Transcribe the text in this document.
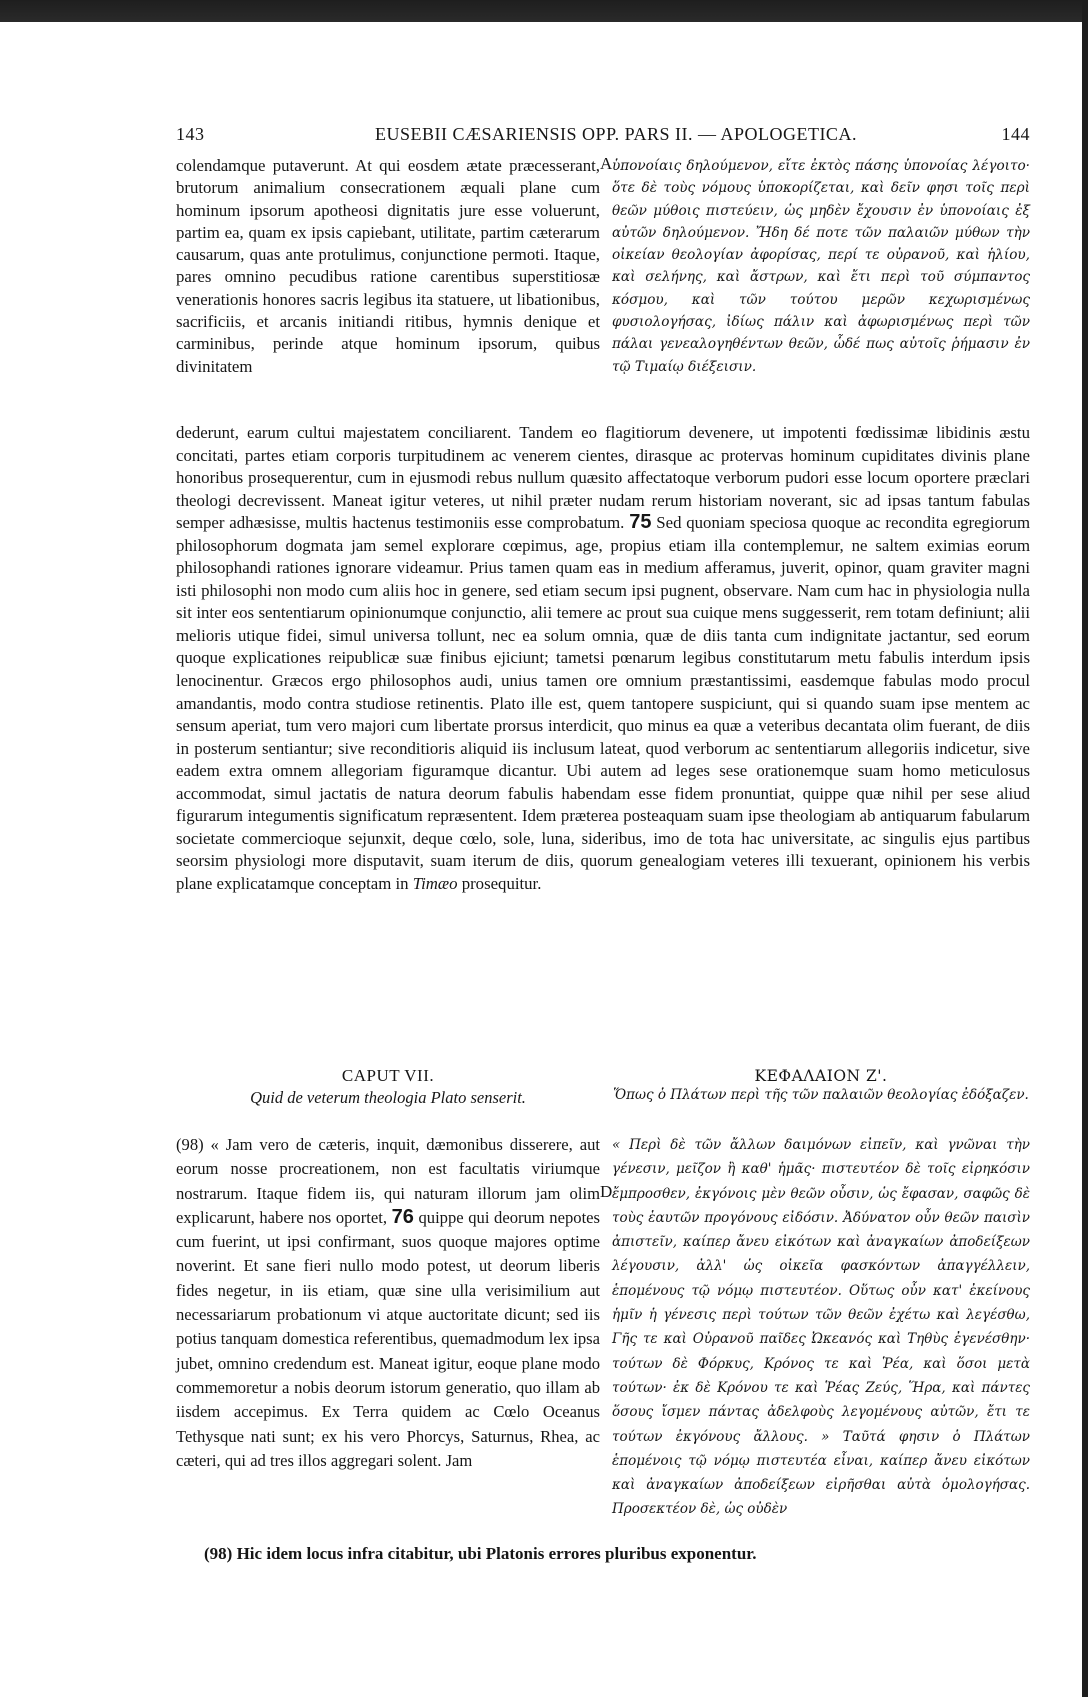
143	EUSEBII CÆSARIENSIS OPP. PARS II. — APOLOGETICA.	144

colendamque putaverunt. At qui eosdem ætate præcesserant, brutorum animalium consecrationem æquali plane cum hominum ipsorum apotheosi dignitatis jure esse voluerunt, partim ea, quam ex ipsis capiebant, utilitate, partim cæterarum causarum, quas ante protulimus, conjunctione permoti. Itaque, pares omnino pecudibus ratione carentibus superstitiosæ venerationis honores sacris legibus ita statuere, ut libationibus, sacrificiis, et arcanis initiandi ritibus, hymnis denique et carminibus, perinde atque hominum ipsorum, quibus divinitatem

A ὑπονοίαις δηλούμενον, εἴτε ἐκτὸς πάσης ὑπονοίας λέγοιτο· ὅτε δὲ τοὺς νόμους ὑποκορίζεται, καὶ δεῖν φησι τοῖς περὶ θεῶν μύθοις πιστεύειν, ὡς μηδὲν ἔχουσιν ἐν ὑπονοίαις ἐξ αὐτῶν δηλούμενον. Ἤδη δέ ποτε τῶν παλαιῶν μύθων τὴν οἰκείαν θεολογίαν ἀφορίσας, περί τε οὐρανοῦ, καὶ ἡλίου, καὶ σελήνης, καὶ ἄστρων, καὶ ἔτι περὶ τοῦ σύμπαντος κόσμου, καὶ τῶν τούτου μερῶν κεχωρισμένως φυσιολογήσας, ἰδίως πάλιν καὶ ἀφωρισμένως περὶ τῶν πάλαι γενεαλογηθέντων θεῶν, ὧδέ πως αὐτοῖς ῥήμασιν ἐν τῷ Τιμαίῳ διέξεισιν.

dederunt, earum cultui majestatem conciliarent. Tandem eo flagitiorum devenere, ut impotenti fœdissimæ libidinis æstu concitati, partes etiam corporis turpitudinem ac venerem cientes, dirasque ac protervas hominum cupiditates divinis plane honoribus prosequerentur, cum in ejusmodi rebus nullum quæsito affectatoque verborum pudori esse locum oportere præclari theologi decrevissent. Maneat igitur veteres, ut nihil præter nudam rerum historiam noverant, sic ad ipsas tantum fabulas semper adhæsisse, multis hactenus testimoniis esse comprobatum. 75 Sed quoniam speciosa quoque ac recondita egregiorum philosophorum dogmata jam semel explorare cœpimus, age, propius etiam illa contemplemur, ne saltem eximias eorum philosophandi rationes ignorare videamur. Prius tamen quam eas in medium afferamus, juverit, opinor, quam graviter magni isti philosophi non modo cum aliis hoc in genere, sed etiam secum ipsi pugnent, observare. Nam cum hac in physiologia nulla sit inter eos sententiarum opinionumque conjunctio, alii temere ac prout sua cuique mens suggesserit, rem totam definiunt; alii melioris utique fidei, simul universa tollunt, nec ea solum omnia, quæ de diis tanta cum indignitate jactantur, sed eorum quoque explicationes reipublicæ suæ finibus ejiciunt; tametsi pœnarum legibus constitutarum metu fabulis interdum ipsis lenocinentur. Græcos ergo philosophos audi, unius tamen ore omnium præstantissimi, easdemque fabulas modo procul amandantis, modo contra studiose retinentis. Plato ille est, quem tantopere suspiciunt, qui si quando suam ipse mentem ac sensum aperiat, tum vero majori cum libertate prorsus interdicit, quo minus ea quæ a veteribus decantata olim fuerant, de diis in posterum sentiantur; sive reconditioris aliquid iis inclusum lateat, quod verborum ac sententiarum allegoriis indicetur, sive eadem extra omnem allegoriam figuramque dicantur. Ubi autem ad leges sese orationemque suam homo meticulosus accommodat, simul jactatis de natura deorum fabulis habendam esse fidem pronuntiat, quippe quæ nihil per sese aliud figurarum integumentis significatum repræsentent. Idem præterea posteaquam suam ipse theologiam ab antiquarum fabularum societate commercioque sejunxit, deque cœlo, sole, luna, sideribus, imo de tota hac universitate, ac singulis ejus partibus seorsim physiologi more disputavit, suam iterum de diis, quorum genealogiam veteres illi texuerant, opinionem his verbis plane explicatamque conceptam in Timæo prosequitur.

CAPUT VII.
Quid de veterum theologia Plato senserit.
ΚΕΦΑΛΑΙΟΝ Ζ'.
Ὅπως ὁ Πλάτων περὶ τῆς τῶν παλαιῶν θεολογίας ἐδόξαζεν.

(98) « Jam vero de cæteris, inquit, dæmonibus disserere, aut eorum nosse procreationem, non est facultatis viriumque nostrarum. Itaque fidem iis, qui naturam illorum jam olim explicarunt, habere nos oportet, 76 quippe qui deorum nepotes cum fuerint, ut ipsi confirmant, suos quoque majores optime noverint. Et sane fieri nullo modo potest, ut deorum liberis fides negetur, in iis etiam, quæ sine ulla verisimilium aut necessariarum probationum vi atque auctoritate dicunt; sed iis potius tanquam domestica referentibus, quemadmodum lex ipsa jubet, omnino credendum est. Maneat igitur, eoque plane modo commemoretur a nobis deorum istorum generatio, quo illam ab iisdem accepimus. Ex Terra quidem ac Cœlo Oceanus Tethysque nati sunt; ex his vero Phorcys, Saturnus, Rhea, ac cæteri, qui ad tres illos aggregari solent. Jam

D

« Περὶ δὲ τῶν ἄλλων δαιμόνων εἰπεῖν, καὶ γνῶναι τὴν γένεσιν, μεῖζον ἢ καθ' ἡμᾶς· πιστευτέον δὲ τοῖς εἰρηκόσιν ἔμπροσθεν, ἐκγόνοις μὲν θεῶν οὖσιν, ὡς ἔφασαν, σαφῶς δὲ τοὺς ἑαυτῶν προγόνους εἰδόσιν. Ἀδύνατον οὖν θεῶν παισὶν ἀπιστεῖν, καίπερ ἄνευ εἰκότων καὶ ἀναγκαίων ἀποδείξεων λέγουσιν, ἀλλ' ὡς οἰκεῖα φασκόντων ἀπαγγέλλειν, ἑπομένους τῷ νόμῳ πιστευτέον. Οὕτως οὖν κατ' ἐκείνους ἡμῖν ἡ γένεσις περὶ τούτων τῶν θεῶν ἐχέτω καὶ λεγέσθω, Γῆς τε καὶ Οὐρανοῦ παῖδες Ὠκεανός καὶ Τηθὺς ἐγενέσθην· τούτων δὲ Φόρκυς, Κρόνος τε καὶ Ῥέα, καὶ ὅσοι μετὰ τούτων· ἐκ δὲ Κρόνου τε καὶ Ῥέας Ζεύς, Ἥρα, καὶ πάντες ὅσους ἴσμεν πάντας ἀδελφοὺς λεγομένους αὐτῶν, ἔτι τε τούτων ἐκγόνους ἄλλους. » Ταῦτά φησιν ὁ Πλάτων ἑπομένοις τῷ νόμῳ πιστευτέα εἶναι, καίπερ ἄνευ εἰκότων καὶ ἀναγκαίων ἀποδείξεων εἰρῆσθαι αὐτὰ ὁμολογήσας. Προσεκτέον δὲ, ὡς οὐδὲν

(98) Hic idem locus infra citabitur, ubi Platonis errores pluribus exponentur.
